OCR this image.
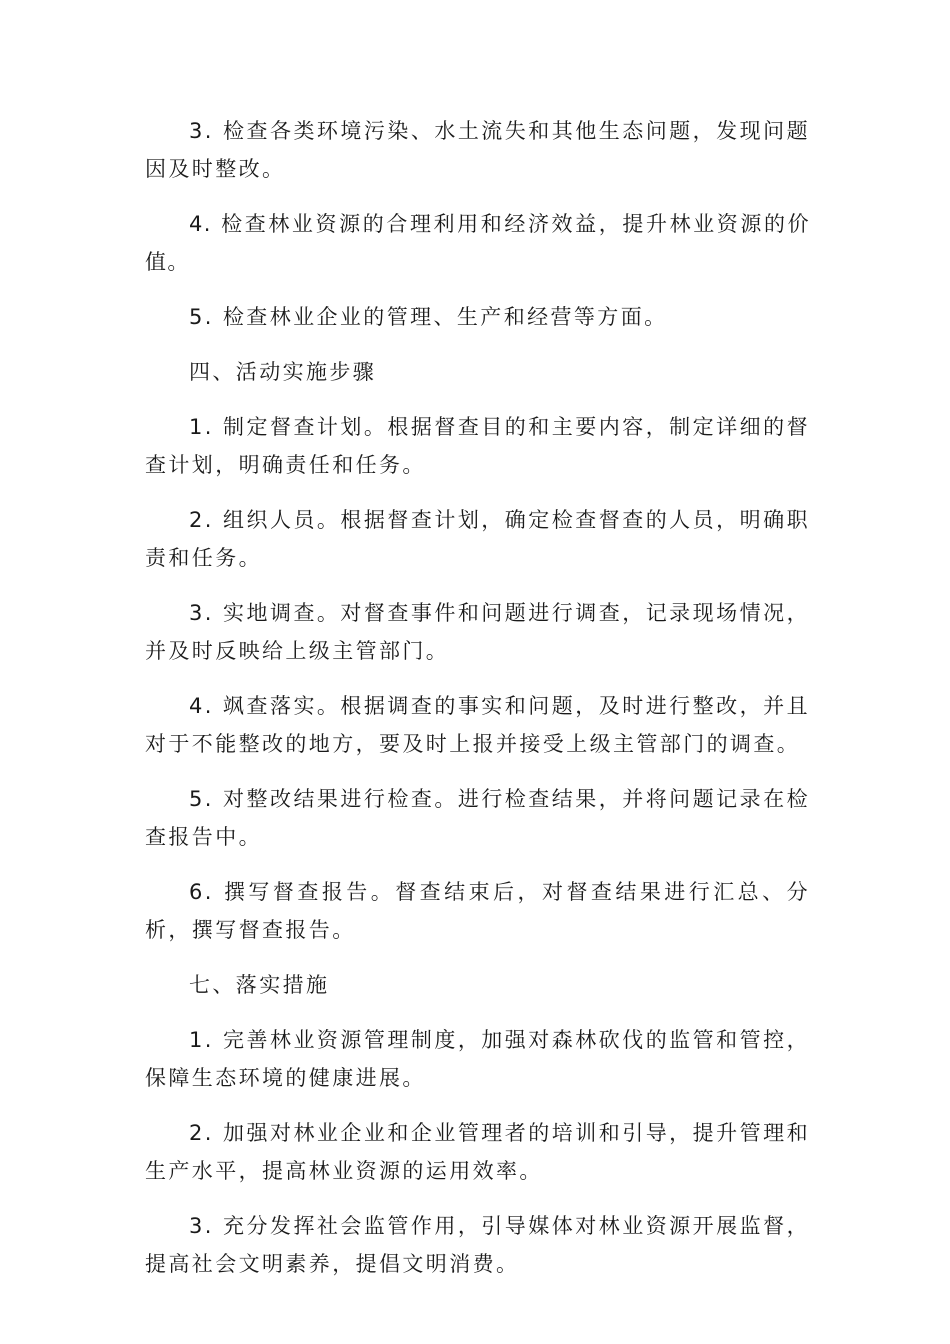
3. 检查各类环境污染、水土流失和其他生态问题，发现问题因及时整改。

4. 检查林业资源的合理利用和经济效益，提升林业资源的价值。

5. 检查林业企业的管理、生产和经营等方面。

四、活动实施步骤

1. 制定督查计划。根据督查目的和主要内容，制定详细的督查计划，明确责任和任务。

2. 组织人员。根据督查计划，确定检查督查的人员，明确职责和任务。

3. 实地调查。对督查事件和问题进行调查，记录现场情况，并及时反映给上级主管部门。

4. 飒查落实。根据调查的事实和问题，及时进行整改，并且对于不能整改的地方，要及时上报并接受上级主管部门的调查。

5. 对整改结果进行检查。进行检查结果，并将问题记录在检查报告中。

6. 撰写督查报告。督查结束后，对督查结果进行汇总、分析，撰写督查报告。

七、落实措施

1. 完善林业资源管理制度，加强对森林砍伐的监管和管控，保障生态环境的健康进展。

2. 加强对林业企业和企业管理者的培训和引导，提升管理和生产水平，提高林业资源的运用效率。

3. 充分发挥社会监管作用，引导媒体对林业资源开展监督，提高社会文明素养，提倡文明消费。
